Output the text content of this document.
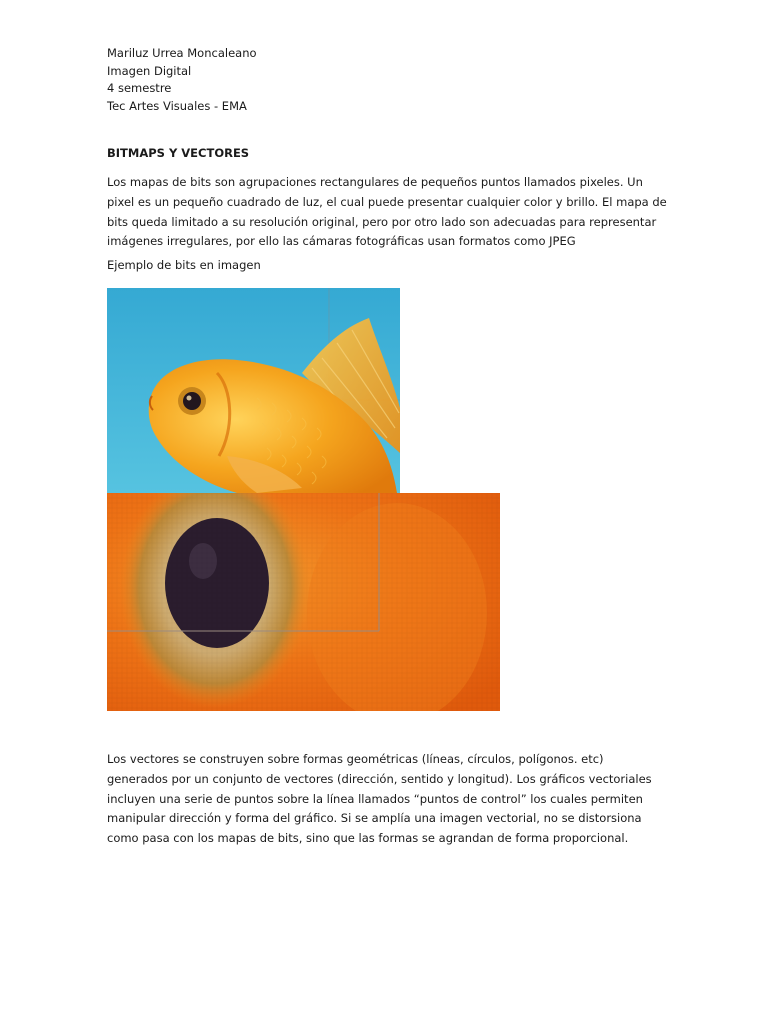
Mariluz Urrea Moncaleano
Imagen Digital
4 semestre
Tec Artes Visuales - EMA
BITMAPS Y VECTORES

Los mapas de bits son agrupaciones rectangulares de pequeños puntos llamados pixeles. Un pixel es un pequeño cuadrado de luz, el cual puede presentar cualquier color y brillo. El mapa de bits queda limitado a su resolución original, pero por otro lado son adecuadas para representar imágenes irregulares, por ello las cámaras fotográficas usan formatos como JPEG

Ejemplo de bits en imagen

Los vectores se construyen sobre formas geométricas (líneas, círculos, polígonos. etc) generados por un conjunto de vectores (dirección, sentido y longitud). Los gráficos vectoriales incluyen una serie de puntos sobre la línea llamados “puntos de control” los cuales permiten manipular dirección y forma del gráfico. Si se amplía una imagen vectorial, no se distorsiona como pasa con los mapas de bits, sino que las formas se agrandan de forma proporcional.
